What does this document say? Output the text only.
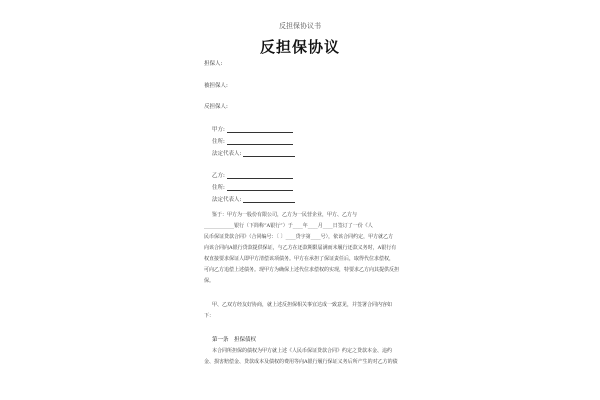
反担保协议书
反担保协议
担保人:
被担保人:
反担保人:
甲方:
住所:
法定代表人:
乙方:
住所:
法定代表人:
鉴于：甲方为一股份有限公司，乙方为一民营企业，甲方、乙方与
____________银行（下简称“A银行”）于____年____月____日签订了一份《人
民币保证贷款合同》（合同编号：〔 〕____贷字第____号），依该合同约定，甲方就乙方
向该合同向A银行贷款提供保证，与乙方在还款期限届满而未履行还款义务时，A银行有
权直接要求保证人即甲方清偿该项债务。甲方在承担了保证责任后，取得代位求偿权，
可向乙方追偿上述债务。现甲方为确保上述代位求偿权的实现，特要求乙方向其提供反担
保。
甲、乙双方经友好协商，就上述反担保相关事宜达成一致意见，并签署合同内容如
下：
第一条　担保债权
本合同所担保的债权为甲方就上述《人民币保证贷款合同》约定之贷款本金、违约
金、损害赔偿金、贷款成本及债权的费用等向A银行履行保证义务后所产生的对乙方的债
